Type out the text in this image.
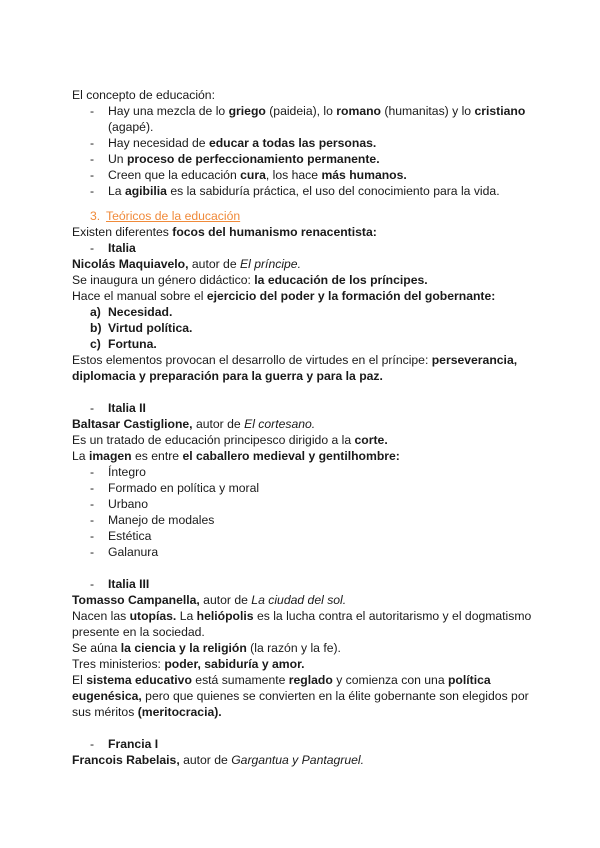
El concepto de educación:

- Hay una mezcla de lo griego (paideia), lo romano (humanitas) y lo cristiano (agapé).
- Hay necesidad de educar a todas las personas.
- Un proceso de perfeccionamiento permanente.
- Creen que la educación cura, los hace más humanos.
- La agibilia es la sabiduría práctica, el uso del conocimiento para la vida.

3. Teóricos de la educación

Existen diferentes focos del humanismo renacentista:

- Italia

Nicolás Maquiavelo, autor de El príncipe.

Se inaugura un género didáctico: la educación de los príncipes.

Hace el manual sobre el ejercicio del poder y la formación del gobernante:

a) Necesidad.
b) Virtud política.
c) Fortuna.

Estos elementos provocan el desarrollo de virtudes en el príncipe: perseverancia, diplomacia y preparación para la guerra y para la paz.

- Italia II

Baltasar Castiglione, autor de El cortesano.

Es un tratado de educación principesco dirigido a la corte.

La imagen es entre el caballero medieval y gentilhombre:

- Íntegro
- Formado en política y moral
- Urbano
- Manejo de modales
- Estética
- Galanura

- Italia III

Tomasso Campanella, autor de La ciudad del sol.

Nacen las utopías. La heliópolis es la lucha contra el autoritarismo y el dogmatismo presente en la sociedad.

Se aúna la ciencia y la religión (la razón y la fe).

Tres ministerios: poder, sabiduría y amor.

El sistema educativo está sumamente reglado y comienza con una política eugenésica, pero que quienes se convierten en la élite gobernante son elegidos por sus méritos (meritocracia).

- Francia I

Francois Rabelais, autor de Gargantua y Pantagruel.
